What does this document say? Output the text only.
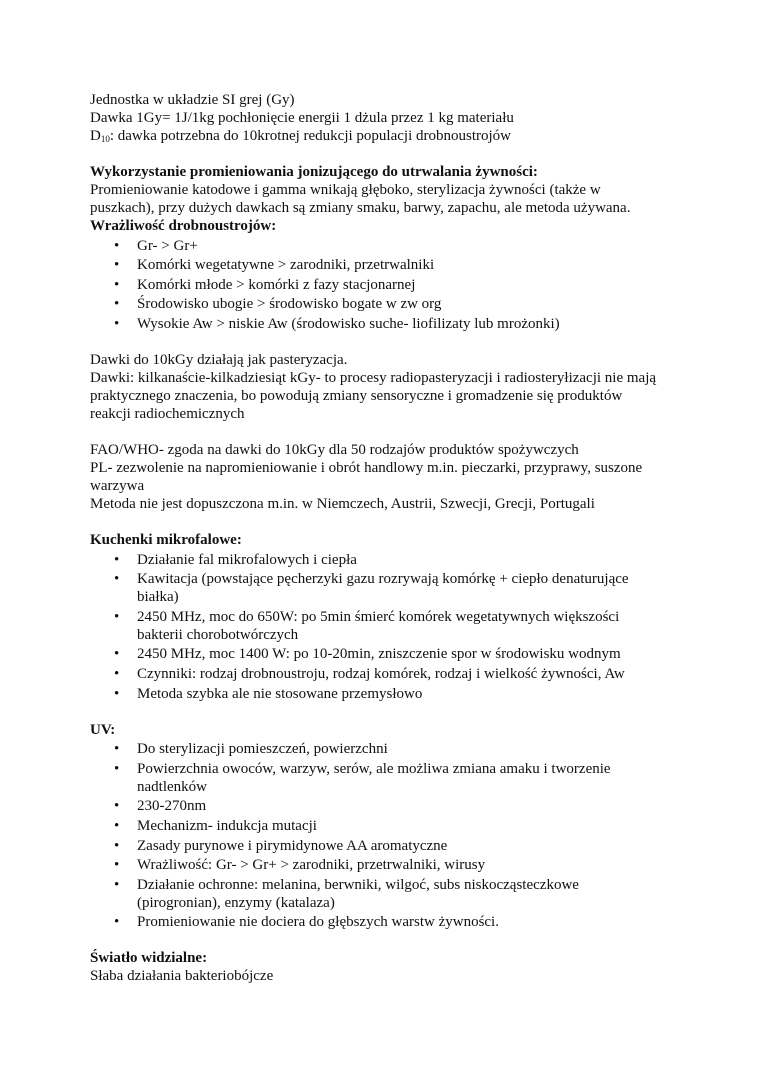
Jednostka w układzie SI grej (Gy)
Dawka 1Gy= 1J/1kg pochłonięcie energii 1 dżula przez 1 kg materiału
$D_{10}$: dawka potrzebna do 10krotnej redukcji populacji drobnoustrojów
Wykorzystanie promieniowania jonizującego do utrwalania żywności:
Promieniowanie katodowe i gamma wnikają głęboko, sterylizacja żywności (także w
puszkach), przy dużych dawkach są zmiany smaku, barwy, zapachu, ale metoda używana.
Wrażliwość drobnoustrojów:
• Gr- > Gr+
• Komórki wegetatywne > zarodniki, przetrwalniki
• Komórki młode > komórki z fazy stacjonarnej
• Środowisko ubogie > środowisko bogate w zw org
• Wysokie Aw > niskie Aw (środowisko suche- liofilizaty lub mrożonki)
Dawki do 10kGy działają jak pasteryzacja.
Dawki: kilkanaście-kilkadziesiąt kGy- to procesy radiopasteryzacji i radiosteryłizacji nie mają
praktycznego znaczenia, bo powodują zmiany sensoryczne i gromadzenie się produktów
reakcji radiochemicznych
FAO/WHO- zgoda na dawki do 10kGy dla 50 rodzajów produktów spożywczych
PL- zezwolenie na napromieniowanie i obrót handlowy m.in. pieczarki, przyprawy, suszone
warzywa
Metoda nie jest dopuszczona m.in. w Niemczech, Austrii, Szwecji, Grecji, Portugali
Kuchenki mikrofalowe:
• Działanie fal mikrofalowych i ciepła
• Kawitacja (powstające pęcherzyki gazu rozrywają komórkę + ciepło denaturujące
białka)
• 2450 MHz, moc do 650W: po 5min śmierć komórek wegetatywnych większości
bakterii chorobotwórczych
• 2450 MHz, moc 1400 W: po 10-20min, zniszczenie spor w środowisku wodnym
• Czynniki: rodzaj drobnoustroju, rodzaj komórek, rodzaj i wielkość żywności, Aw
• Metoda szybka ale nie stosowane przemysłowo
UV:
• Do sterylizacji pomieszczeń, powierzchni
• Powierzchnia owoców, warzyw, serów, ale możliwa zmiana amaku i tworzenie
nadtlenków
• 230-270nm
• Mechanizm- indukcja mutacji
• Zasady purynowe i pirymidynowe AA aromatyczne
• Wrażliwość: Gr- > Gr+ > zarodniki, przetrwalniki, wirusy
• Działanie ochronne: melanina, berwniki, wilgoć, subs niskocząsteczkowe
(pirogronian), enzymy (katalaza)
• Promieniowanie nie dociera do głębszych warstw żywności.
Światło widzialne:
Słaba działania bakteriobójcze
